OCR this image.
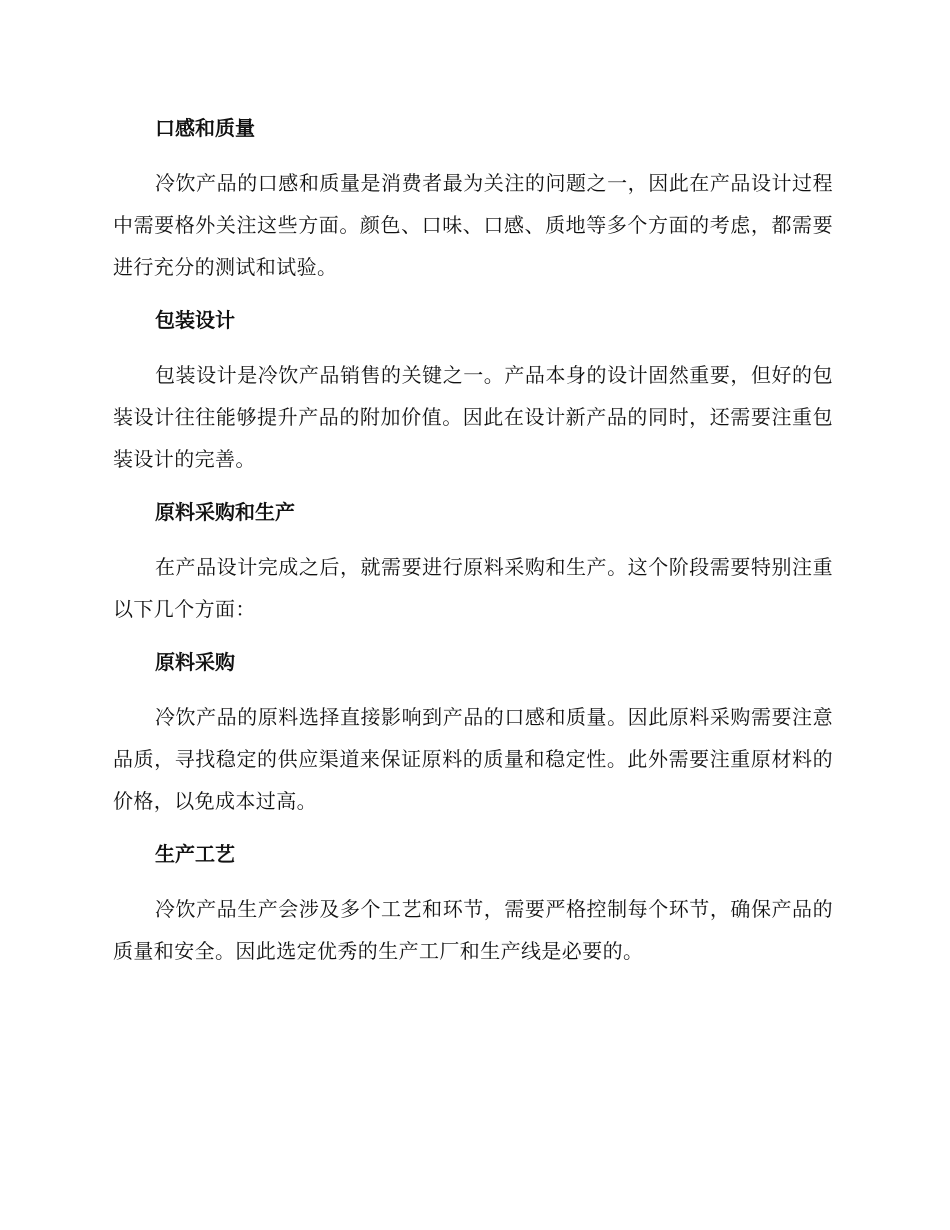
口感和质量

冷饮产品的口感和质量是消费者最为关注的问题之一，因此在产品设计过程中需要格外关注这些方面。颜色、口味、口感、质地等多个方面的考虑，都需要进行充分的测试和试验。

包装设计

包装设计是冷饮产品销售的关键之一。产品本身的设计固然重要，但好的包装设计往往能够提升产品的附加价值。因此在设计新产品的同时，还需要注重包装设计的完善。

原料采购和生产

在产品设计完成之后，就需要进行原料采购和生产。这个阶段需要特别注重以下几个方面：

原料采购

冷饮产品的原料选择直接影响到产品的口感和质量。因此原料采购需要注意品质，寻找稳定的供应渠道来保证原料的质量和稳定性。此外需要注重原材料的价格，以免成本过高。

生产工艺

冷饮产品生产会涉及多个工艺和环节，需要严格控制每个环节，确保产品的质量和安全。因此选定优秀的生产工厂和生产线是必要的。
